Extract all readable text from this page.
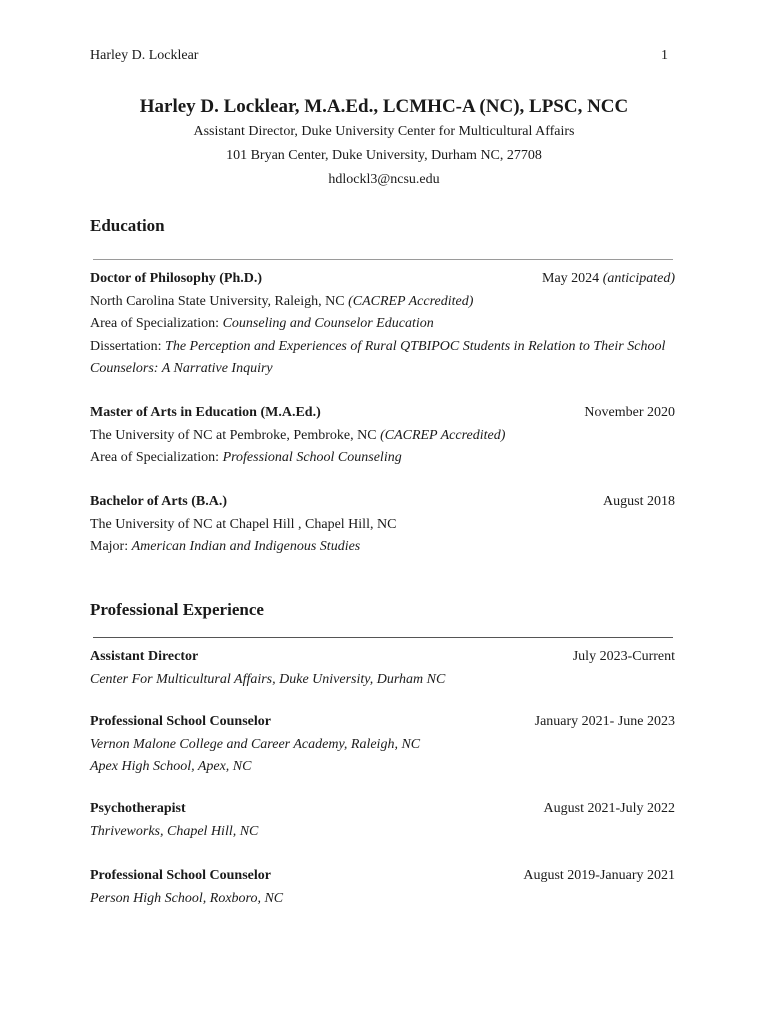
Harley D. Locklear	1
Harley D. Locklear, M.A.Ed., LCMHC-A (NC), LPSC, NCC
Assistant Director, Duke University Center for Multicultural Affairs
101 Bryan Center, Duke University, Durham NC, 27708
hdlockl3@ncsu.edu
Education
Doctor of Philosophy (Ph.D.)	May 2024 (anticipated)
North Carolina State University, Raleigh, NC (CACREP Accredited)
Area of Specialization: Counseling and Counselor Education
Dissertation: The Perception and Experiences of Rural QTBIPOC Students in Relation to Their School
Counselors: A Narrative Inquiry
Master of Arts in Education (M.A.Ed.)	November 2020
The University of NC at Pembroke, Pembroke, NC (CACREP Accredited)
Area of Specialization: Professional School Counseling
Bachelor of Arts (B.A.)	August 2018
The University of NC at Chapel Hill , Chapel Hill, NC
Major: American Indian and Indigenous Studies
Professional Experience
Assistant Director	July 2023-Current
Center For Multicultural Affairs, Duke University, Durham NC
Professional School Counselor	January 2021- June 2023
Vernon Malone College and Career Academy, Raleigh, NC
Apex High School, Apex, NC
Psychotherapist	August 2021-July 2022
Thriveworks, Chapel Hill, NC
Professional School Counselor	August 2019-January 2021
Person High School, Roxboro, NC
